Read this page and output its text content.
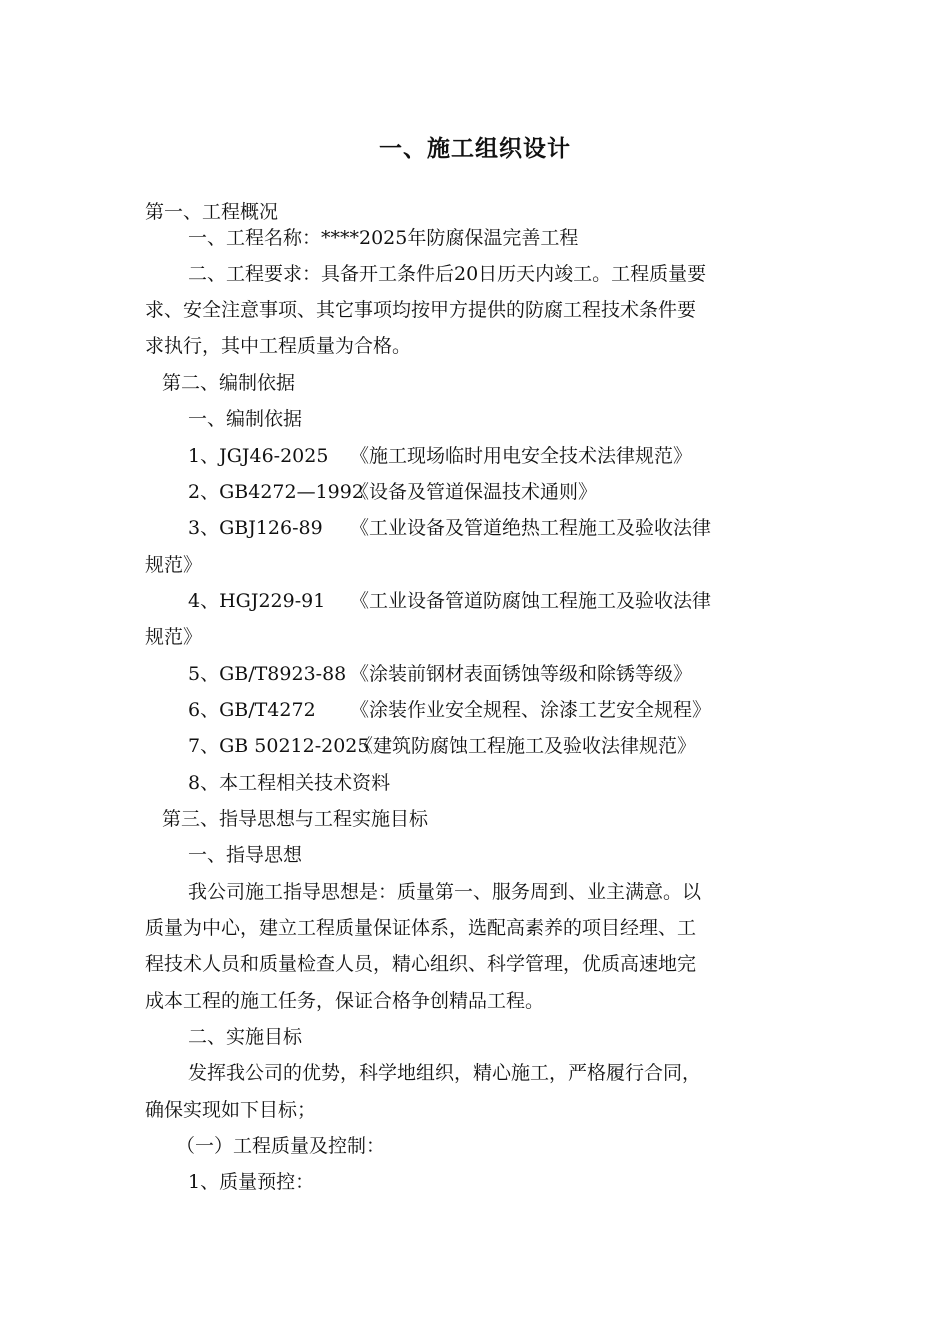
一、施工组织设计
第一、工程概况
一、工程名称：****2025年防腐保温完善工程
二、工程要求：具备开工条件后20日历天内竣工。工程质量要
求、安全注意事项、其它事项均按甲方提供的防腐工程技术条件要
求执行，其中工程质量为合格。
第二、编制依据
一、编制依据
1、JGJ46-2025 《施工现场临时用电安全技术法律规范》
2、GB4272—1992《设备及管道保温技术通则》
3、GBJ126-89 《工业设备及管道绝热工程施工及验收法律
规范》
4、HGJ229-91 《工业设备管道防腐蚀工程施工及验收法律
规范》
5、GB/T8923-88 《涂装前钢材表面锈蚀等级和除锈等级》
6、GB/T4272 《涂装作业安全规程、涂漆工艺安全规程》
7、GB 50212-2025《建筑防腐蚀工程施工及验收法律规范》
8、本工程相关技术资料
第三、指导思想与工程实施目标
一、指导思想
我公司施工指导思想是：质量第一、服务周到、业主满意。以
质量为中心，建立工程质量保证体系，选配高素养的项目经理、工
程技术人员和质量检查人员，精心组织、科学管理，优质高速地完
成本工程的施工任务，保证合格争创精品工程。
二、实施目标
发挥我公司的优势，科学地组织，精心施工，严格履行合同，
确保实现如下目标；
（一）工程质量及控制：
1、质量预控：
